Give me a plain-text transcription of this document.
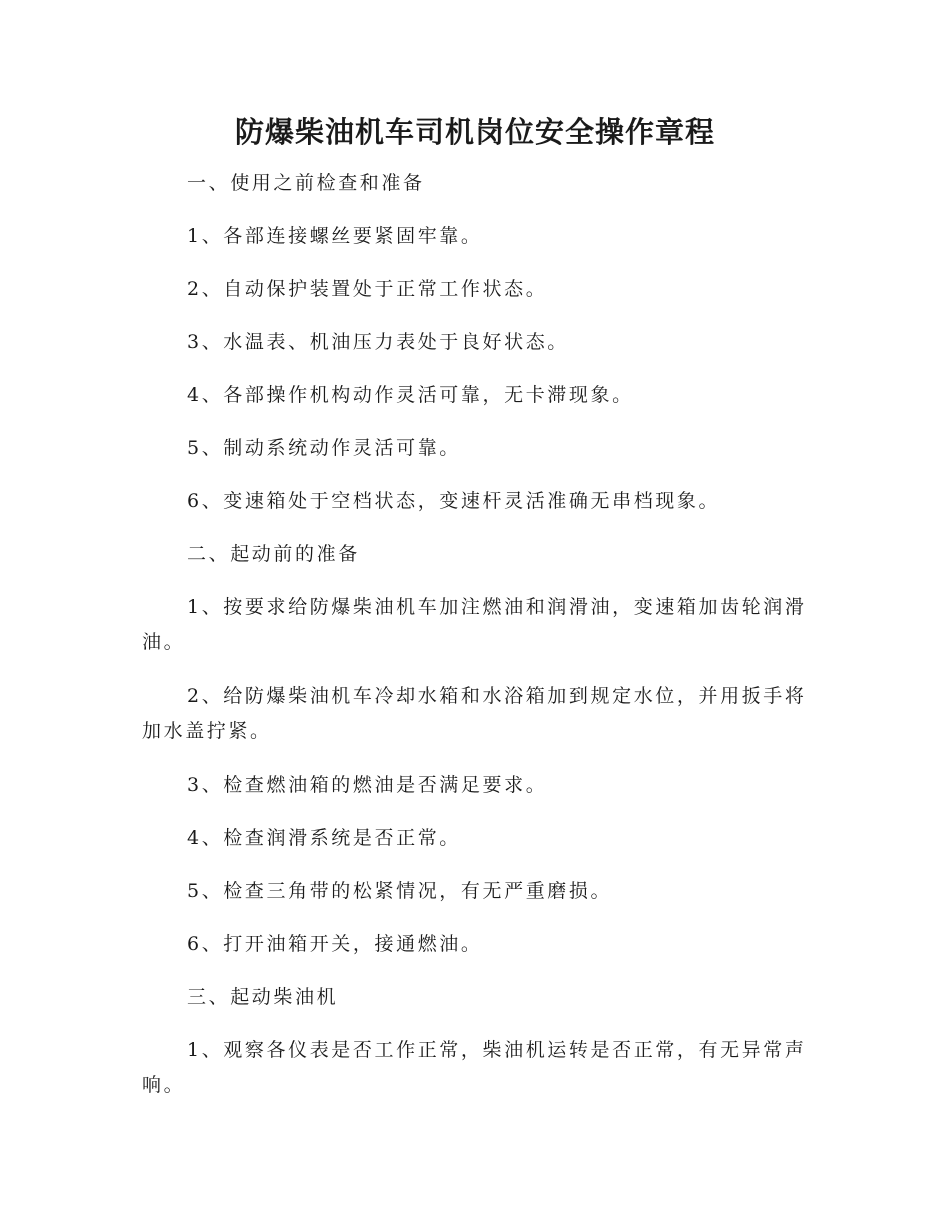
防爆柴油机车司机岗位安全操作章程

一、使用之前检查和准备

1、各部连接螺丝要紧固牢靠。

2、自动保护装置处于正常工作状态。

3、水温表、机油压力表处于良好状态。

4、各部操作机构动作灵活可靠，无卡滞现象。

5、制动系统动作灵活可靠。

6、变速箱处于空档状态，变速杆灵活准确无串档现象。

二、起动前的准备

1、按要求给防爆柴油机车加注燃油和润滑油，变速箱加齿轮润滑油。

2、给防爆柴油机车冷却水箱和水浴箱加到规定水位，并用扳手将加水盖拧紧。

3、检查燃油箱的燃油是否满足要求。

4、检查润滑系统是否正常。

5、检查三角带的松紧情况，有无严重磨损。

6、打开油箱开关，接通燃油。

三、起动柴油机

1、观察各仪表是否工作正常，柴油机运转是否正常，有无异常声响。
